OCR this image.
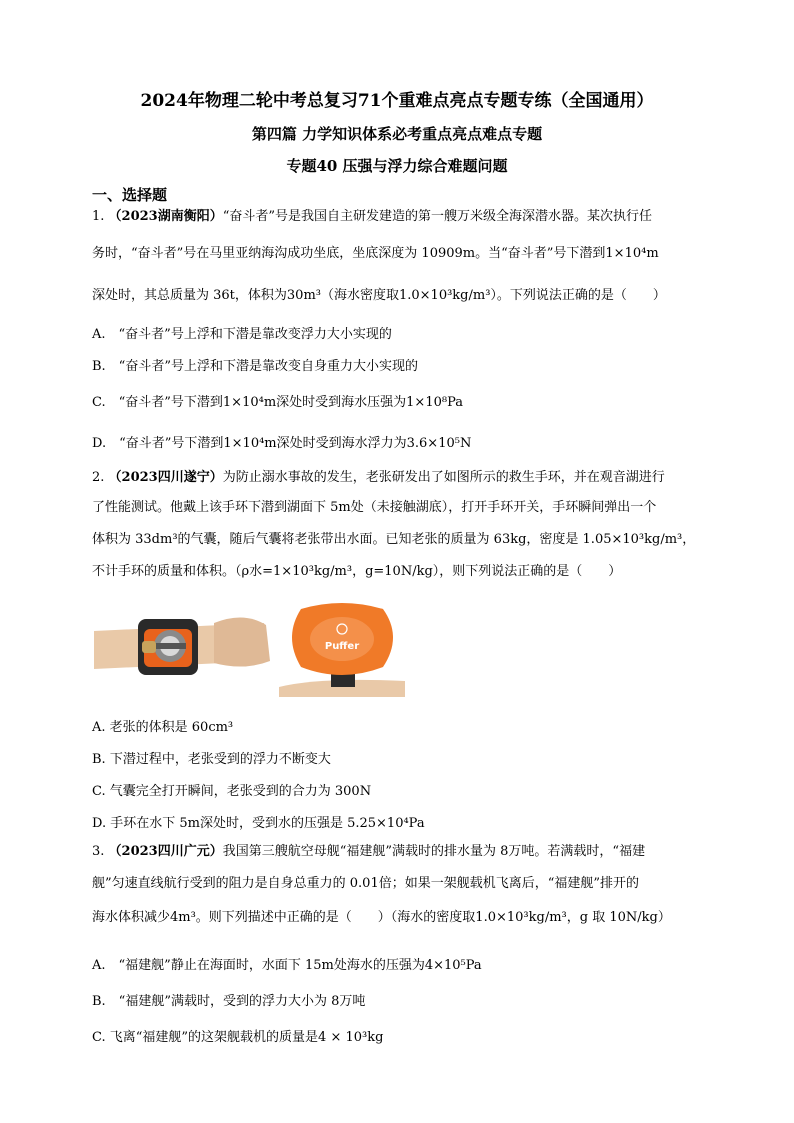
2024年物理二轮中考总复习71个重难点亮点专题专练（全国通用）
第四篇 力学知识体系必考重点亮点难点专题
专题40 压强与浮力综合难题问题
一、选择题
1. （2023湖南衡阳）“奋斗者”号是我国自主研发建造的第一艘万米级全海深潜水器。某次执行任
务时，“奋斗者”号在马里亚纳海沟成功坐底，坐底深度为 10909m。当“奋斗者”号下潜到1×10⁴m
深处时，其总质量为 36t，体积为30m³（海水密度取1.0×10³kg/m³）。下列说法正确的是（　　）
A.　“奋斗者”号上浮和下潜是靠改变浮力大小实现的
B.　“奋斗者”号上浮和下潜是靠改变自身重力大小实现的
C.　“奋斗者”号下潜到1×10⁴m深处时受到海水压强为1×10⁸Pa
D.　“奋斗者”号下潜到1×10⁴m深处时受到海水浮力为3.6×10⁵N
2. （2023四川遂宁）为防止溺水事故的发生，老张研发出了如图所示的救生手环，并在观音湖进行
了性能测试。他戴上该手环下潜到湖面下 5m处（未接触湖底），打开手环开关，手环瞬间弹出一个
体积为 33dm³的气囊，随后气囊将老张带出水面。已知老张的质量为 63kg，密度是 1.05×10³kg/m³，
不计手环的质量和体积。（ρ水=1×10³kg/m³，g=10N/kg），则下列说法正确的是（　　）
Puffer
A. 老张的体积是 60cm³
B. 下潜过程中，老张受到的浮力不断变大
C. 气囊完全打开瞬间，老张受到的合力为 300N
D. 手环在水下 5m深处时，受到水的压强是 5.25×10⁴Pa
3. （2023四川广元）我国第三艘航空母舰“福建舰”满载时的排水量为 8万吨。若满载时，“福建
舰”匀速直线航行受到的阻力是自身总重力的 0.01倍；如果一架舰载机飞离后，“福建舰”排开的
海水体积减少4m³。则下列描述中正确的是（　　）（海水的密度取1.0×10³kg/m³，g 取 10N/kg）
A.　“福建舰”静止在海面时，水面下 15m处海水的压强为4×10⁵Pa
B.　“福建舰”满载时，受到的浮力大小为 8万吨
C. 飞离“福建舰”的这架舰载机的质量是4 × 10³kg
